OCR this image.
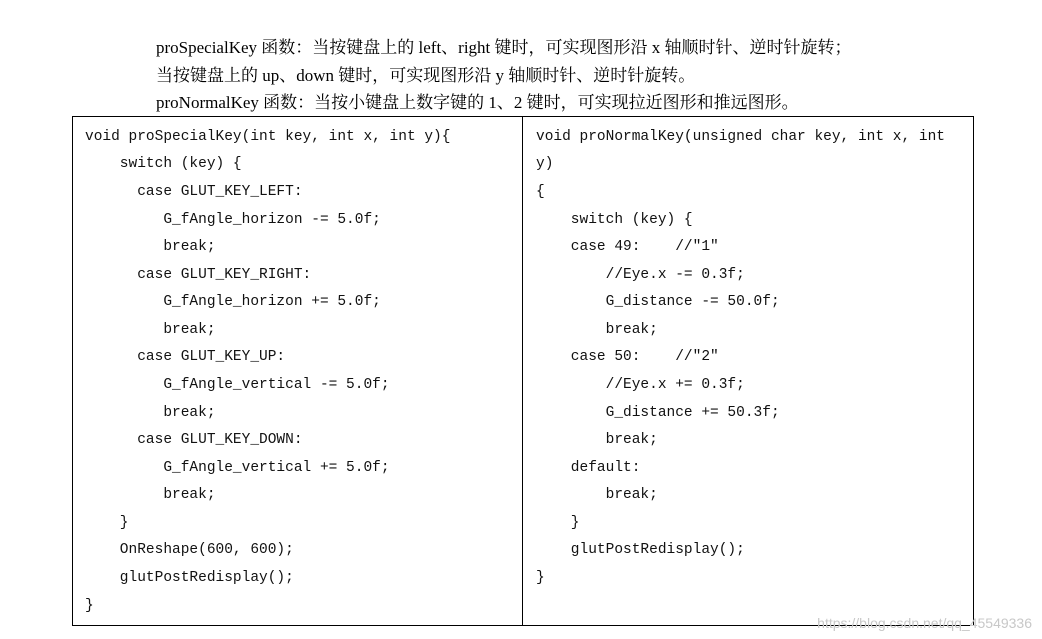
proSpecialKey 函数：当按键盘上的 left、right 键时，可实现图形沿 x 轴顺时针、逆时针旋转；
当按键盘上的 up、down 键时，可实现图形沿 y 轴顺时针、逆时针旋转。
proNormalKey 函数：当按小键盘上数字键的 1、2 键时，可实现拉近图形和推远图形。
void proSpecialKey(int key, int x, int y){
switch (key) {
case GLUT_KEY_LEFT:
G_fAngle_horizon -= 5.0f;
break;
case GLUT_KEY_RIGHT:
G_fAngle_horizon += 5.0f;
break;
case GLUT_KEY_UP:
G_fAngle_vertical -= 5.0f;
break;
case GLUT_KEY_DOWN:
G_fAngle_vertical += 5.0f;
break;
}
OnReshape(600, 600);
glutPostRedisplay();
}
void proNormalKey(unsigned char key, int x, int
y)
{
switch (key) {
case 49:    //"1"
//Eye.x -= 0.3f;
G_distance -= 50.0f;
break;
case 50:    //"2"
//Eye.x += 0.3f;
G_distance += 50.3f;
break;
default:
break;
}
glutPostRedisplay();
}
https://blog.csdn.net/qq_45549336
